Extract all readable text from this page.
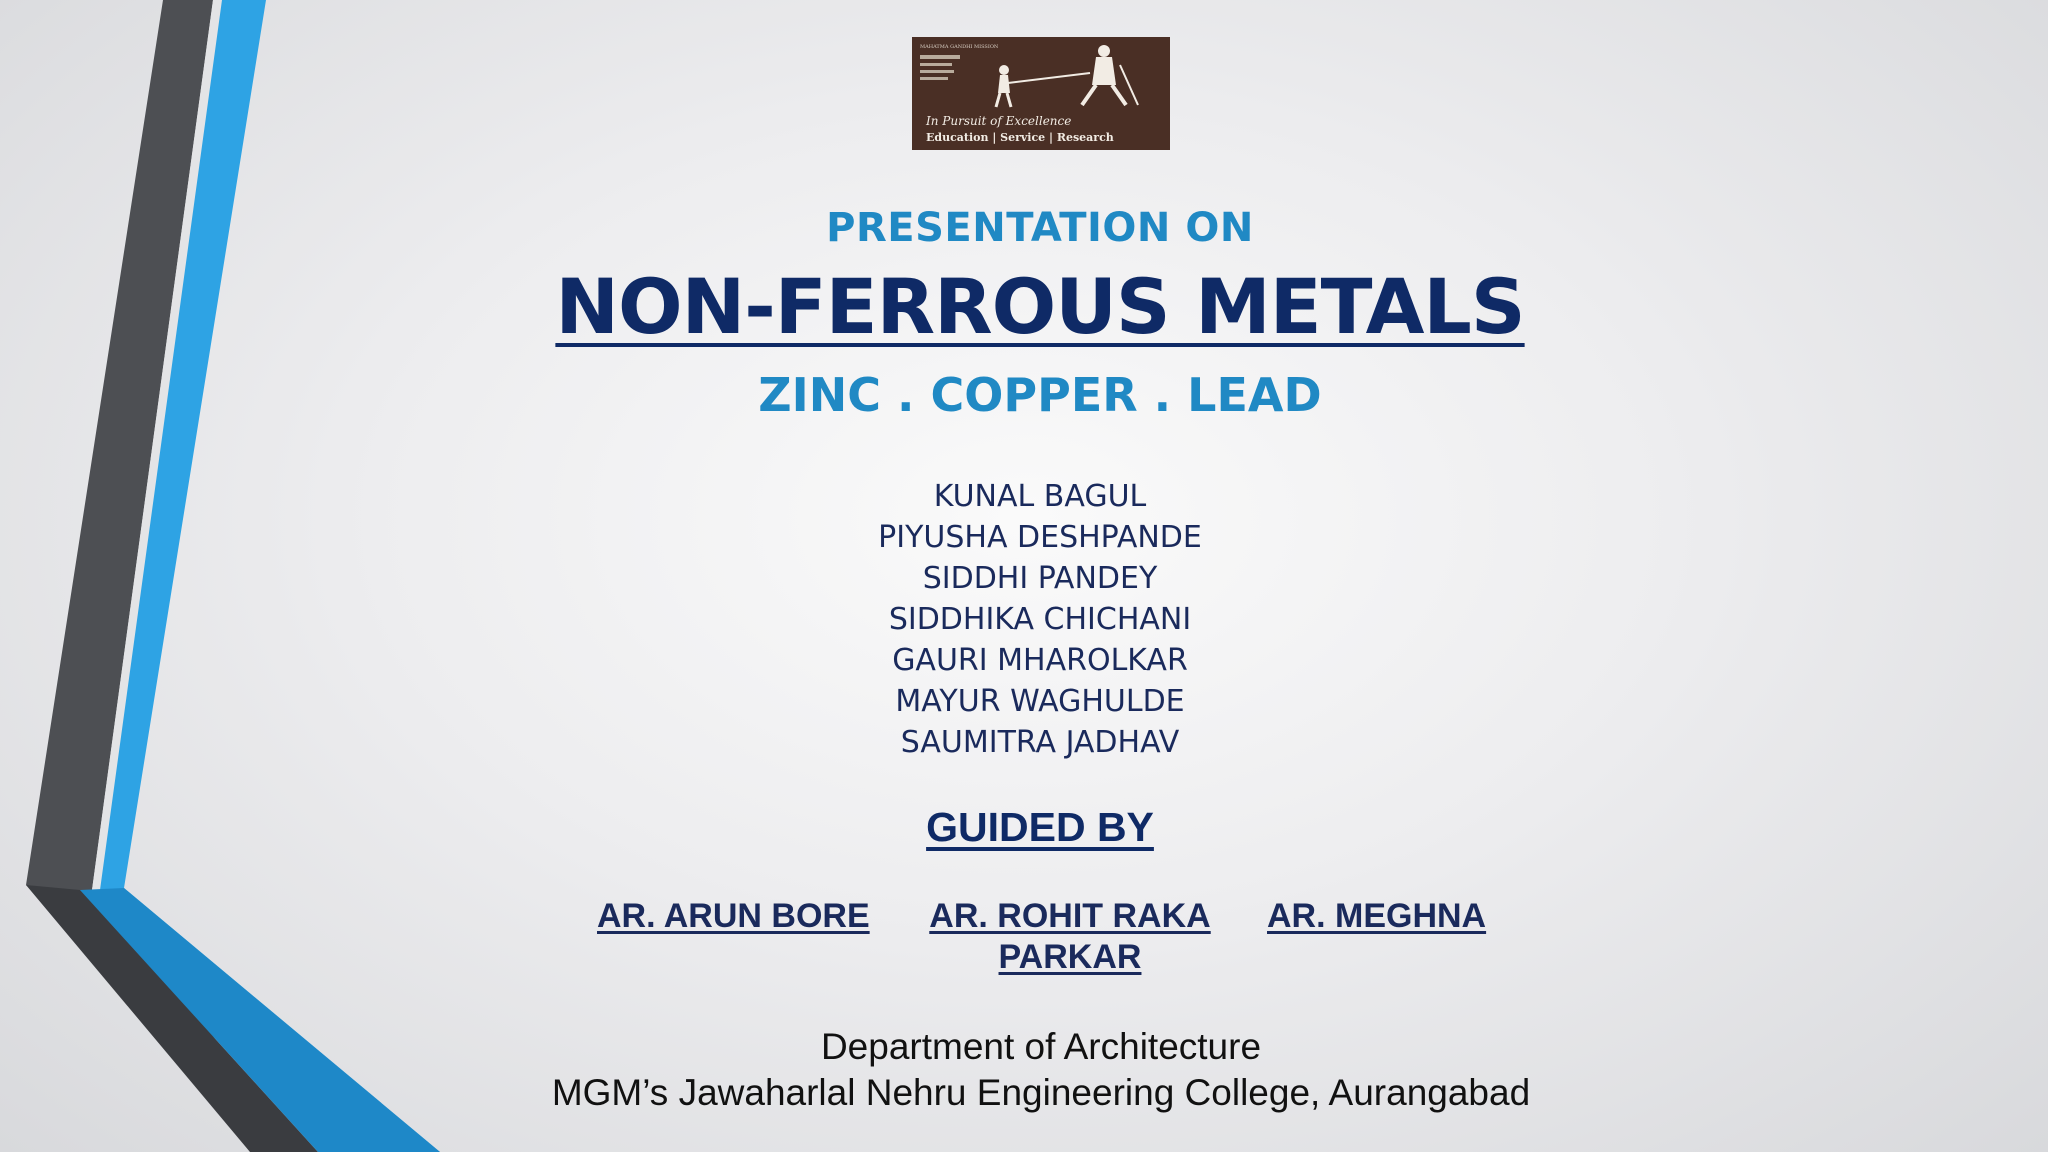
MAHATMA GANDHI MISSION
In Pursuit of Excellence
Education | Service | Research
PRESENTATION ON
NON-FERROUS METALS
ZINC . COPPER . LEAD
KUNAL BAGUL
PIYUSHA DESHPANDE
SIDDHI PANDEY
SIDDHIKA CHICHANI
GAURI MHAROLKAR
MAYUR WAGHULDE
SAUMITRA JADHAV
GUIDED BY
AR. ARUN BORE	AR. ROHIT RAKA PARKAR
AR. MEGHNA
Department of Architecture
MGM’s Jawaharlal Nehru Engineering College, Aurangabad
